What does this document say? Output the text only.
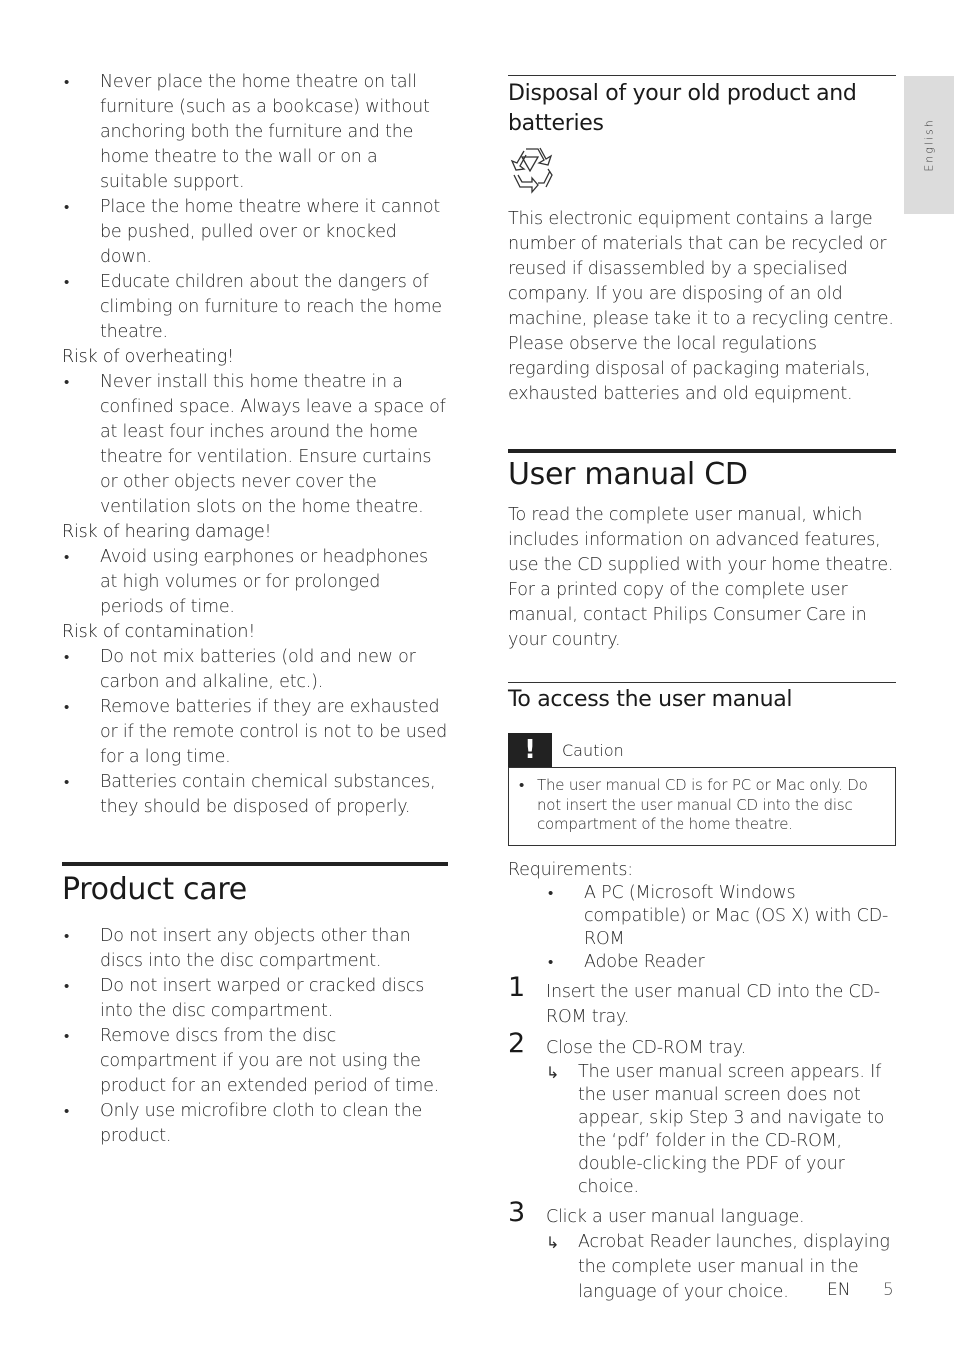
English
• Never place the home theatre on tall furniture (such as a bookcase) without anchoring both the furniture and the home theatre to the wall or on a suitable support.
• Place the home theatre where it cannot be pushed, pulled over or knocked down.
• Educate children about the dangers of climbing on furniture to reach the home theatre.
Risk of overheating!
• Never install this home theatre in a confined space. Always leave a space of at least four inches around the home theatre for ventilation. Ensure curtains or other objects never cover the ventilation slots on the home theatre.
Risk of hearing damage!
• Avoid using earphones or headphones at high volumes or for prolonged periods of time.
Risk of contamination!
• Do not mix batteries (old and new or carbon and alkaline, etc.).
• Remove batteries if they are exhausted or if the remote control is not to be used for a long time.
• Batteries contain chemical substances, they should be disposed of properly.
Product care
• Do not insert any objects other than discs into the disc compartment.
• Do not insert warped or cracked discs into the disc compartment.
• Remove discs from the disc compartment if you are not using the product for an extended period of time.
• Only use microfibre cloth to clean the product.
Disposal of your old product and batteries
This electronic equipment contains a large number of materials that can be recycled or reused if disassembled by a specialised company. If you are disposing of an old machine, please take it to a recycling centre. Please observe the local regulations regarding disposal of packaging materials, exhausted batteries and old equipment.
User manual CD
To read the complete user manual, which includes information on advanced features, use the CD supplied with your home theatre. For a printed copy of the complete user manual, contact Philips Consumer Care in your country.
To access the user manual
!	Caution
• The user manual CD is for PC or Mac only. Do not insert the user manual CD into the disc compartment of the home theatre.
Requirements:
• A PC (Microsoft Windows compatible) or Mac (OS X) with CD-ROM
• Adobe Reader
1 Insert the user manual CD into the CD-ROM tray.
2 Close the CD-ROM tray.
↳ The user manual screen appears. If the user manual screen does not appear, skip Step 3 and navigate to the ‘pdf’ folder in the CD-ROM, double-clicking the PDF of your choice.
3 Click a user manual language.
↳ Acrobat Reader launches, displaying the complete user manual in the language of your choice.	EN 5
